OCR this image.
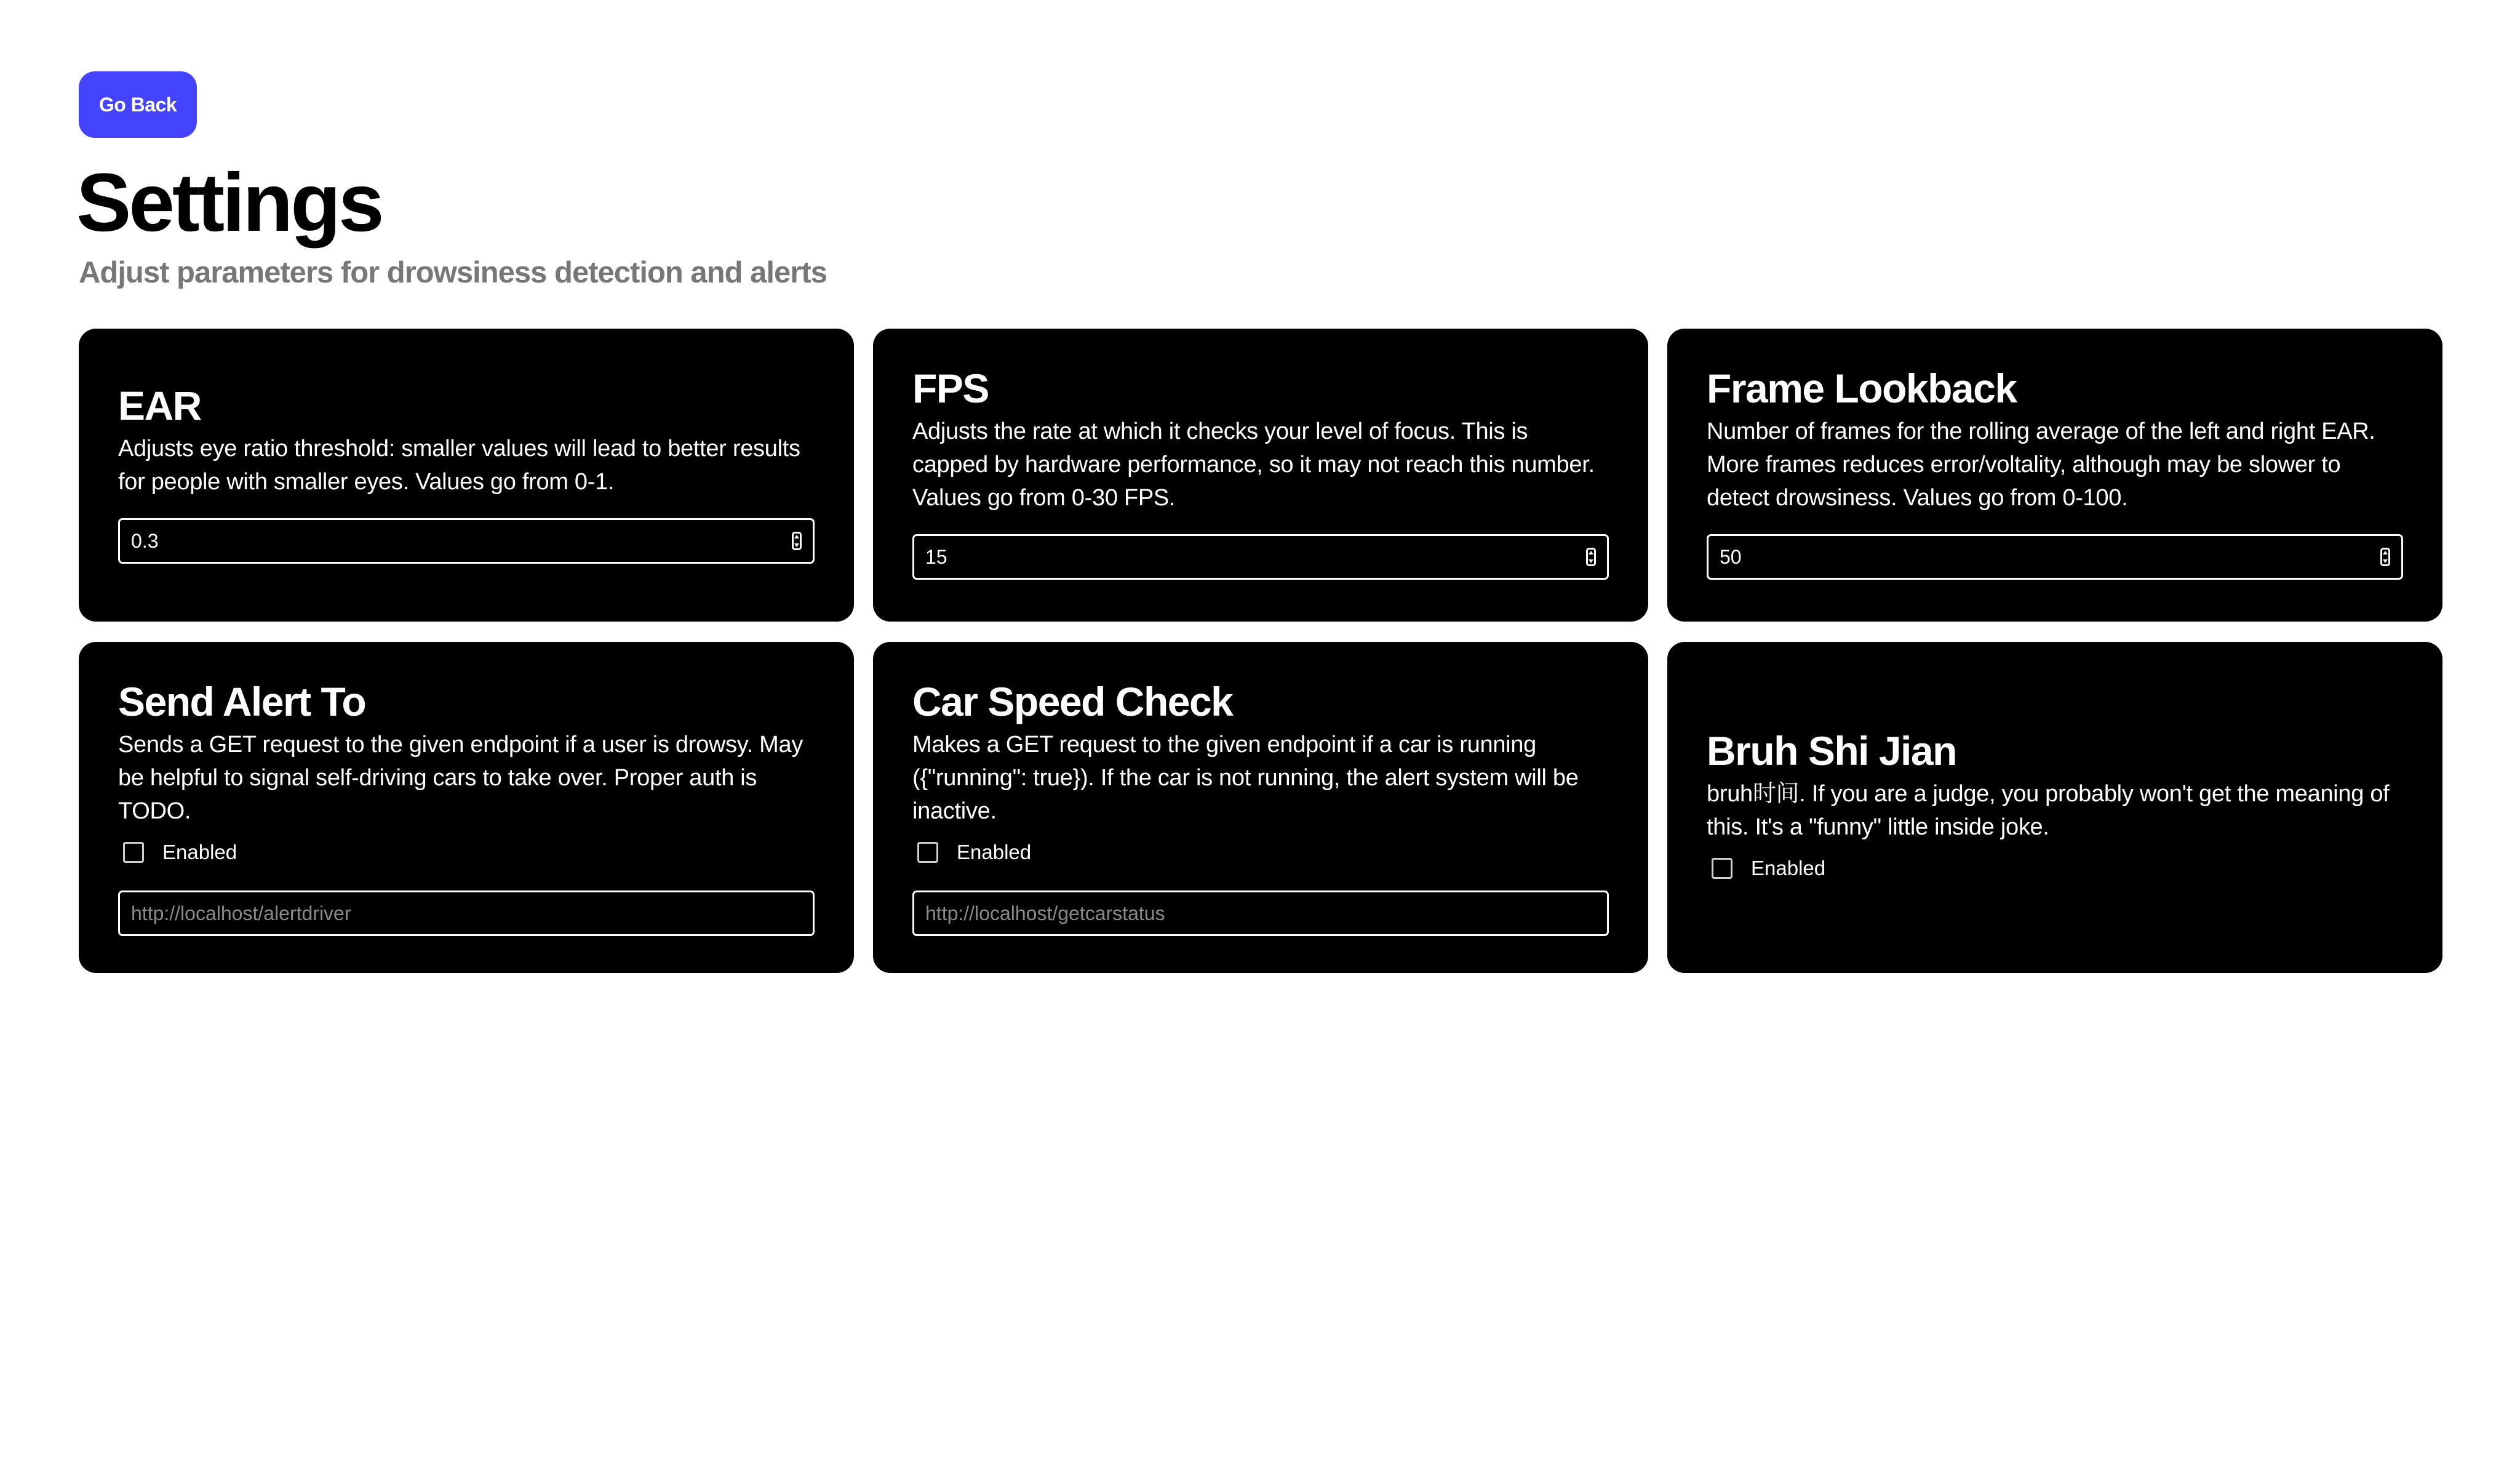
Go Back
Settings

Adjust parameters for drowsiness detection and alerts

EAR
Adjusts eye ratio threshold: smaller values will lead to better results for people with smaller eyes. Values go from 0-1.
0.3
FPS
Adjusts the rate at which it checks your level of focus. This is capped by hardware performance, so it may not reach this number. Values go from 0-30 FPS.
15
Frame Lookback
Number of frames for the rolling average of the left and right EAR. More frames reduces error/voltality, although may be slower to detect drowsiness. Values go from 0-100.
50
Send Alert To
Sends a GET request to the given endpoint if a user is drowsy. May be helpful to signal self-driving cars to take over. Proper auth is TODO.
Enabled
http://localhost/alertdriver
Car Speed Check
Makes a GET request to the given endpoint if a car is running ({"running": true}). If the car is not running, the alert system will be inactive.
Enabled
http://localhost/getcarstatus
Bruh Shi Jian
bruh时间. If you are a judge, you probably won't get the meaning of this. It's a "funny" little inside joke.
Enabled
